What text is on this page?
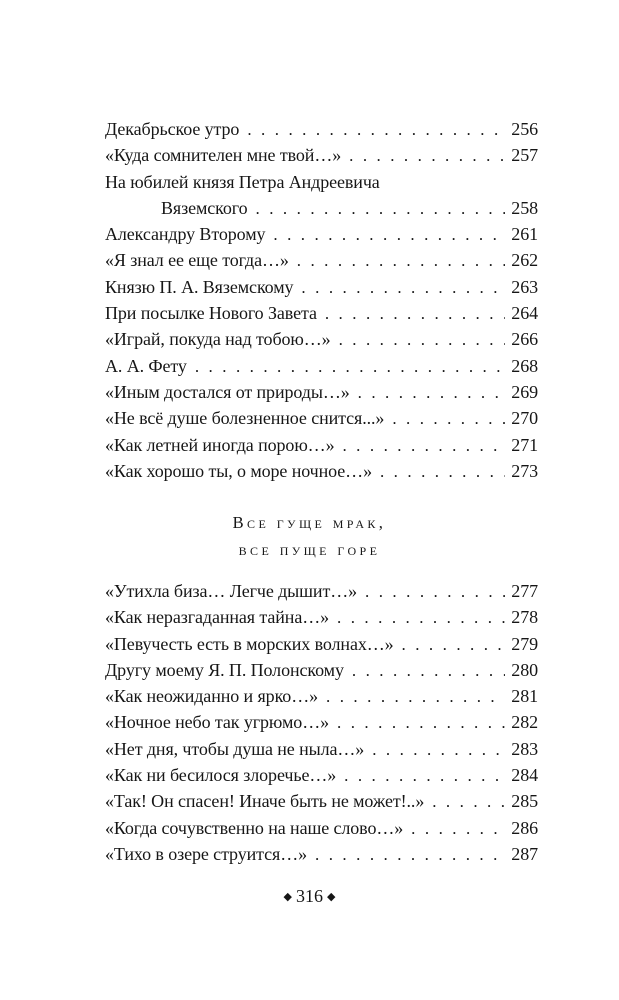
Декабрьское утро . . .	256
«Куда сомнителен мне твой…» . . .	257
На юбилей князя Петра Андреевича
Вяземского . . .	258
Александру Второму . . .	261
«Я знал ее еще тогда…» . . .	262
Князю П. А. Вяземскому . . .	263
При посылке Нового Завета . . .	264
«Играй, покуда над тобою…» . . .	266
А. А. Фету . . .	268
«Иным достался от природы…» . . .	269
«Не всё душе болезненное снится...» . . .	270
«Как летней иногда порою…» . . .	271
«Как хорошо ты, о море ночное…» . . .	273
Все гуще мрак,
все пуще горе
«Утихла биза… Легче дышит…» . . .	277
«Как неразгаданная тайна…» . . .	278
«Певучесть есть в морских волнах…» . . .	279
Другу моему Я. П. Полонскому . . .	280
«Как неожиданно и ярко…» . . .	281
«Ночное небо так угрюмо…» . . .	282
«Нет дня, чтобы душа не ныла…» . . .	283
«Как ни бесилося злоречье…» . . .	284
«Так! Он спасен! Иначе быть не может!..» . . .	285
«Когда сочувственно на наше слово…» . . .	286
«Тихо в озере струится…» . . .	287
◆ 316 ◆
